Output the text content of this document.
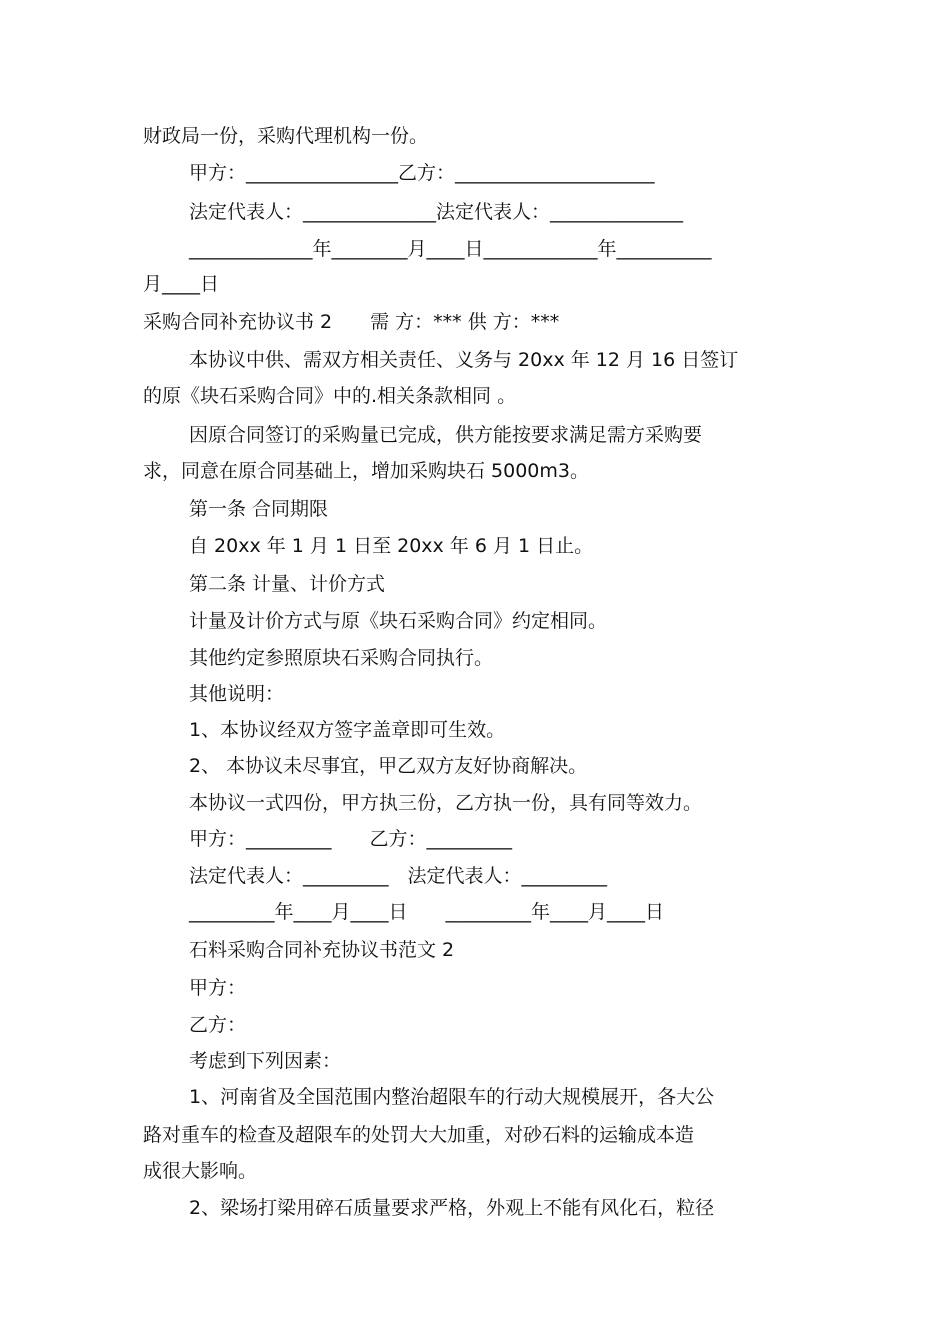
财政局一份，采购代理机构一份。
甲方：________________乙方：_____________________
法定代表人：______________法定代表人：______________
_____________年________月____日____________年__________
月____日
采购合同补充协议书 2　　需 方：*** 供 方：***
本协议中供、需双方相关责任、义务与 20xx 年 12 月 16 日签订
的原《块石采购合同》中的.相关条款相同 。
因原合同签订的采购量已完成，供方能按要求满足需方采购要
求，同意在原合同基础上，增加采购块石 5000m3。
第一条 合同期限
自 20xx 年 1 月 1 日至 20xx 年 6 月 1 日止。
第二条 计量、计价方式
计量及计价方式与原《块石采购合同》约定相同。
其他约定参照原块石采购合同执行。
其他说明：
1、本协议经双方签字盖章即可生效。
2、 本协议未尽事宜，甲乙双方友好协商解决。
本协议一式四份，甲方执三份，乙方执一份，具有同等效力。
甲方：_________　　乙方：_________
法定代表人：_________　法定代表人：_________
_________年____月____日　　_________年____月____日
石料采购合同补充协议书范文 2
甲方：
乙方：
考虑到下列因素：
1、河南省及全国范围内整治超限车的行动大规模展开，各大公
路对重车的检查及超限车的处罚大大加重，对砂石料的运输成本造
成很大影响。
2、梁场打梁用碎石质量要求严格，外观上不能有风化石，粒径
